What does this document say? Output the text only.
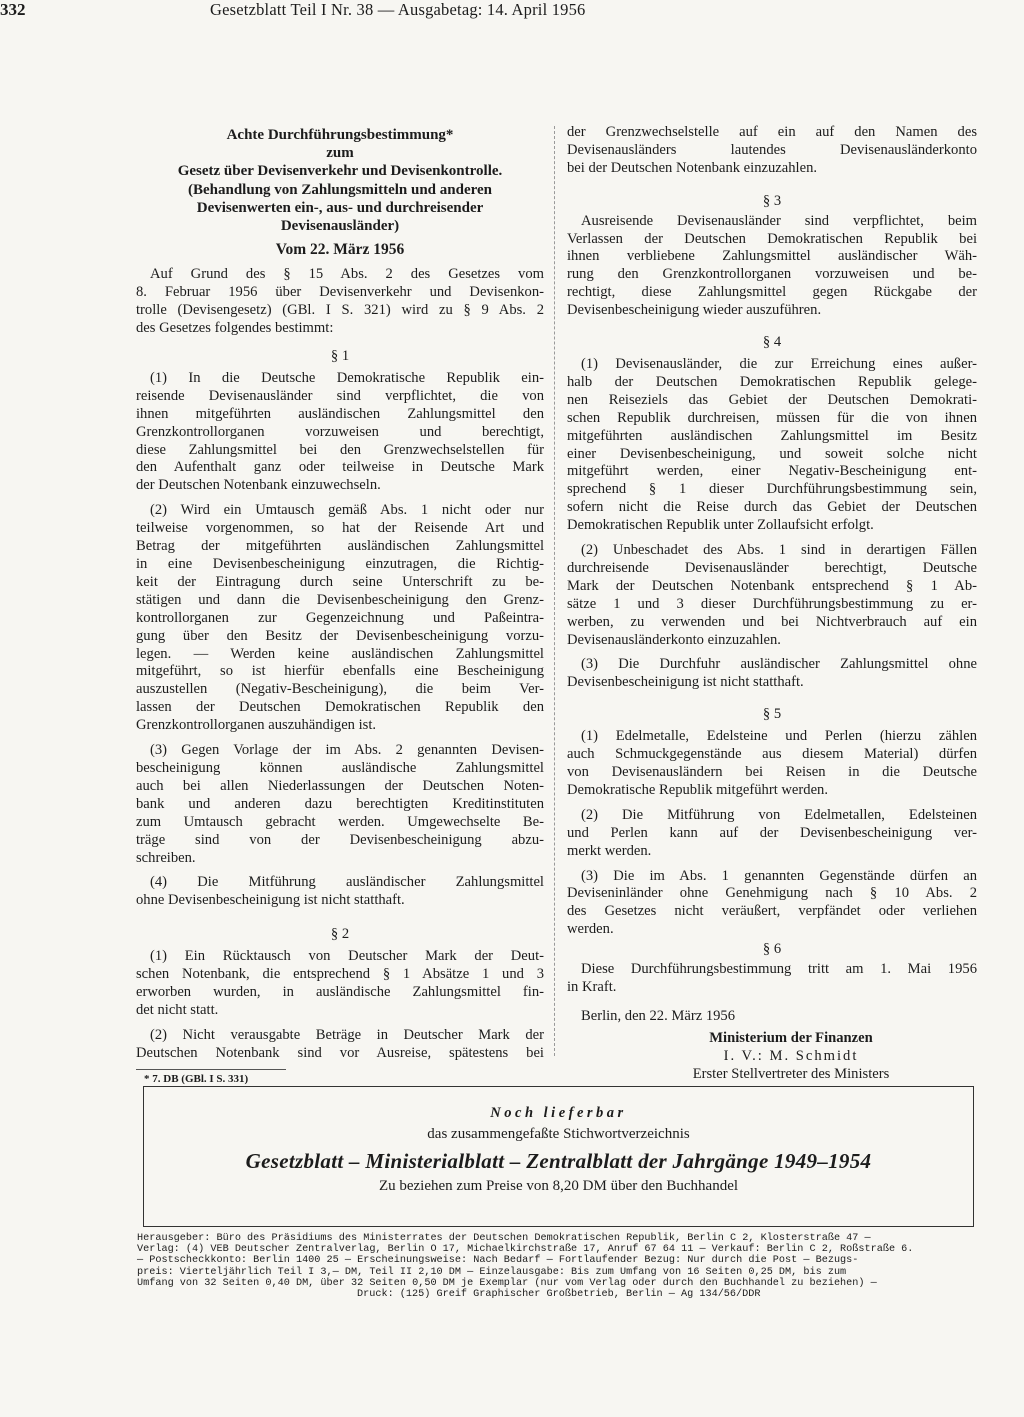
332	Gesetzblatt Teil I Nr. 38 — Ausgabetag: 14. April 1956
Achte Durchführungsbestimmung*
zum
Gesetz über Devisenverkehr und Devisenkontrolle.
(Behandlung von Zahlungsmitteln und anderen
Devisenwerten ein-, aus- und durchreisender
Devisenausländer)
Vom 22. März 1956
Auf Grund des § 15 Abs. 2 des Gesetzes vom
8. Februar 1956 über Devisenverkehr und Devisenkon-
trolle (Devisengesetz) (GBl. I S. 321) wird zu § 9 Abs. 2
des Gesetzes folgendes bestimmt:
§ 1
(1) In die Deutsche Demokratische Republik ein-
reisende Devisenausländer sind verpflichtet, die von
ihnen mitgeführten ausländischen Zahlungsmittel den
Grenzkontrollorganen vorzuweisen und berechtigt,
diese Zahlungsmittel bei den Grenzwechselstellen für
den Aufenthalt ganz oder teilweise in Deutsche Mark
der Deutschen Notenbank einzuwechseln.
(2) Wird ein Umtausch gemäß Abs. 1 nicht oder nur
teilweise vorgenommen, so hat der Reisende Art und
Betrag der mitgeführten ausländischen Zahlungsmittel
in eine Devisenbescheinigung einzutragen, die Richtig-
keit der Eintragung durch seine Unterschrift zu be-
stätigen und dann die Devisenbescheinigung den Grenz-
kontrollorganen zur Gegenzeichnung und Paßeintra-
gung über den Besitz der Devisenbescheinigung vorzu-
legen. — Werden keine ausländischen Zahlungsmittel
mitgeführt, so ist hierfür ebenfalls eine Bescheinigung
auszustellen (Negativ-Bescheinigung), die beim Ver-
lassen der Deutschen Demokratischen Republik den
Grenzkontrollorganen auszuhändigen ist.
(3) Gegen Vorlage der im Abs. 2 genannten Devisen-
bescheinigung können ausländische Zahlungsmittel
auch bei allen Niederlassungen der Deutschen Noten-
bank und anderen dazu berechtigten Kreditinstituten
zum Umtausch gebracht werden. Umgewechselte Be-
träge sind von der Devisenbescheinigung abzu-
schreiben.
(4) Die Mitführung ausländischer Zahlungsmittel
ohne Devisenbescheinigung ist nicht statthaft.
§ 2
(1) Ein Rücktausch von Deutscher Mark der Deut-
schen Notenbank, die entsprechend § 1 Absätze 1 und 3
erworben wurden, in ausländische Zahlungsmittel fin-
det nicht statt.
(2) Nicht verausgabte Beträge in Deutscher Mark der
Deutschen Notenbank sind vor Ausreise, spätestens bei
* 7. DB (GBl. I S. 331)
der Grenzwechselstelle auf ein auf den Namen des
Devisenausländers lautendes Devisenausländerkonto
bei der Deutschen Notenbank einzuzahlen.
§ 3
Ausreisende Devisenausländer sind verpflichtet, beim
Verlassen der Deutschen Demokratischen Republik bei
ihnen verbliebene Zahlungsmittel ausländischer Wäh-
rung den Grenzkontrollorganen vorzuweisen und be-
rechtigt, diese Zahlungsmittel gegen Rückgabe der
Devisenbescheinigung wieder auszuführen.
§ 4
(1) Devisenausländer, die zur Erreichung eines außer-
halb der Deutschen Demokratischen Republik gelege-
nen Reiseziels das Gebiet der Deutschen Demokrati-
schen Republik durchreisen, müssen für die von ihnen
mitgeführten ausländischen Zahlungsmittel im Besitz
einer Devisenbescheinigung, und soweit solche nicht
mitgeführt werden, einer Negativ-Bescheinigung ent-
sprechend § 1 dieser Durchführungsbestimmung sein,
sofern nicht die Reise durch das Gebiet der Deutschen
Demokratischen Republik unter Zollaufsicht erfolgt.
(2) Unbeschadet des Abs. 1 sind in derartigen Fällen
durchreisende Devisenausländer berechtigt, Deutsche
Mark der Deutschen Notenbank entsprechend § 1 Ab-
sätze 1 und 3 dieser Durchführungsbestimmung zu er-
werben, zu verwenden und bei Nichtverbrauch auf ein
Devisenausländerkonto einzuzahlen.
(3) Die Durchfuhr ausländischer Zahlungsmittel ohne
Devisenbescheinigung ist nicht statthaft.
§ 5
(1) Edelmetalle, Edelsteine und Perlen (hierzu zählen
auch Schmuckgegenstände aus diesem Material) dürfen
von Devisenausländern bei Reisen in die Deutsche
Demokratische Republik mitgeführt werden.
(2) Die Mitführung von Edelmetallen, Edelsteinen
und Perlen kann auf der Devisenbescheinigung ver-
merkt werden.
(3) Die im Abs. 1 genannten Gegenstände dürfen an
Deviseninländer ohne Genehmigung nach § 10 Abs. 2
des Gesetzes nicht veräußert, verpfändet oder verliehen
werden.
§ 6
Diese Durchführungsbestimmung tritt am 1. Mai 1956
in Kraft.
Berlin, den 22. März 1956
Ministerium der Finanzen
I. V.: M. Schmidt
Erster Stellvertreter des Ministers
Noch lieferbar
das zusammengefaßte Stichwortverzeichnis
Gesetzblatt – Ministerialblatt – Zentralblatt der Jahrgänge 1949–1954
Zu beziehen zum Preise von 8,20 DM über den Buchhandel
Herausgeber: Büro des Präsidiums des Ministerrates der Deutschen Demokratischen Republik, Berlin C 2, Klosterstraße 47 —
Verlag: (4) VEB Deutscher Zentralverlag, Berlin O 17, Michaelkirchstraße 17, Anruf 67 64 11 — Verkauf: Berlin C 2, Roßstraße 6.
— Postscheckkonto: Berlin 1400 25 — Erscheinungsweise: Nach Bedarf — Fortlaufender Bezug: Nur durch die Post — Bezugs-
preis: Vierteljährlich Teil I 3,— DM, Teil II 2,10 DM — Einzelausgabe: Bis zum Umfang von 16 Seiten 0,25 DM, bis zum
Umfang von 32 Seiten 0,40 DM, über 32 Seiten 0,50 DM je Exemplar (nur vom Verlag oder durch den Buchhandel zu beziehen) —
Druck: (125) Greif Graphischer Großbetrieb, Berlin — Ag 134/56/DDR
